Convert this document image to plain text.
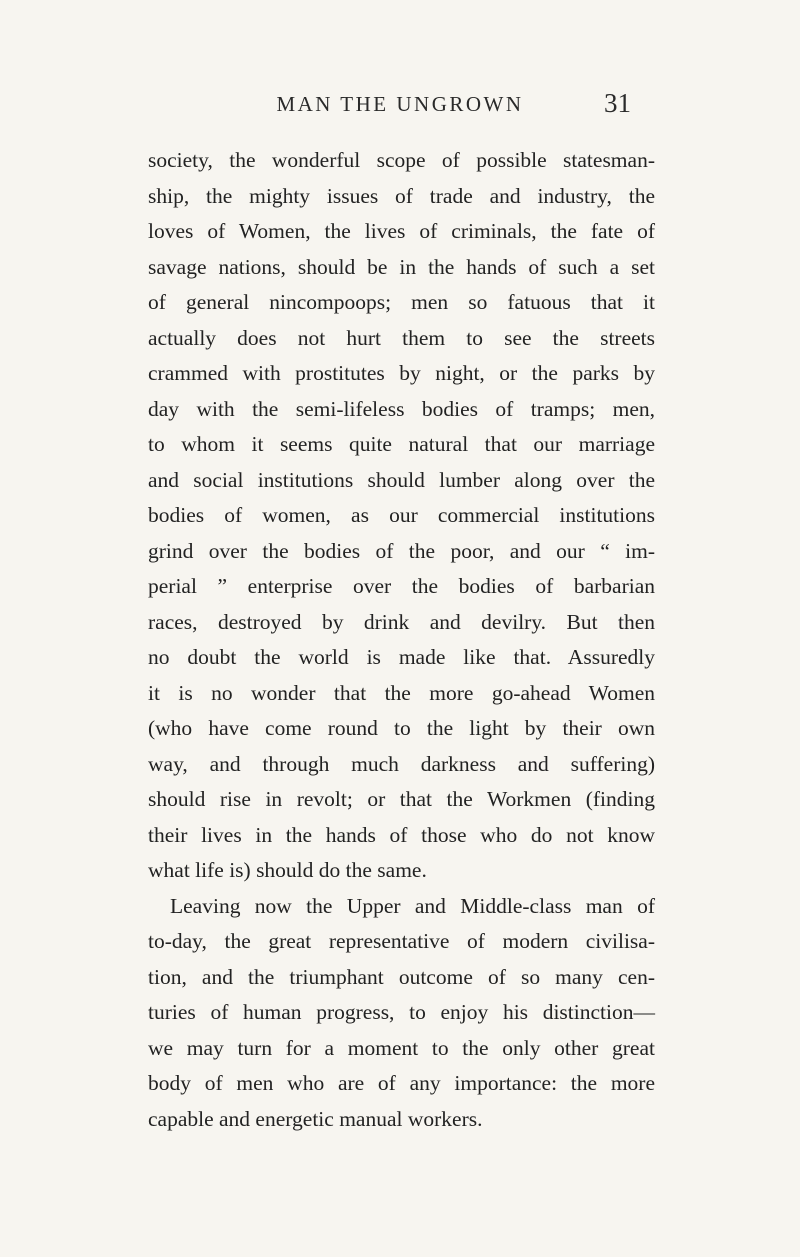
MAN THE UNGROWN	31
society, the wonderful scope of possible statesman-
ship, the mighty issues of trade and industry, the
loves of Women, the lives of criminals, the fate of
savage nations, should be in the hands of such a set
of general nincompoops; men so fatuous that it
actually does not hurt them to see the streets
crammed with prostitutes by night, or the parks by
day with the semi-lifeless bodies of tramps; men,
to whom it seems quite natural that our marriage
and social institutions should lumber along over the
bodies of women, as our commercial institutions
grind over the bodies of the poor, and our “ im-
perial ” enterprise over the bodies of barbarian
races, destroyed by drink and devilry. But then
no doubt the world is made like that. Assuredly
it is no wonder that the more go-ahead Women
(who have come round to the light by their own
way, and through much darkness and suffering)
should rise in revolt; or that the Workmen (finding
their lives in the hands of those who do not know
what life is) should do the same.
Leaving now the Upper and Middle-class man of
to-day, the great representative of modern civilisa-
tion, and the triumphant outcome of so many cen-
turies of human progress, to enjoy his distinction—
we may turn for a moment to the only other great
body of men who are of any importance: the more
capable and energetic manual workers.
